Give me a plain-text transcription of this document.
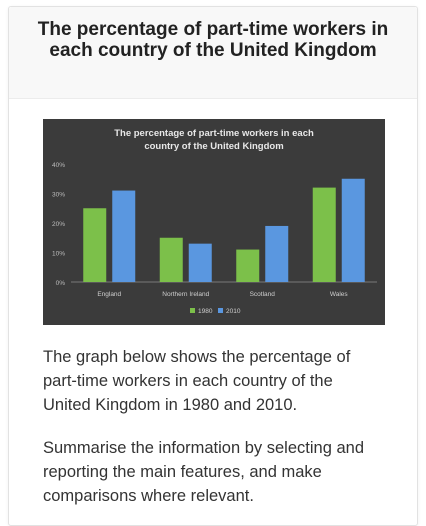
The percentage of part-time workers in each country of the United Kingdom
The percentage of part-time workers in each country of the United Kingdom
0%
10%
20%
30%
40%
England	Northern Ireland	Scotland	Wales
1980 2010

The graph below shows the percentage of part-time workers in each country of the United Kingdom in 1980 and 2010.

Summarise the information by selecting and reporting the main features, and make comparisons where relevant.
